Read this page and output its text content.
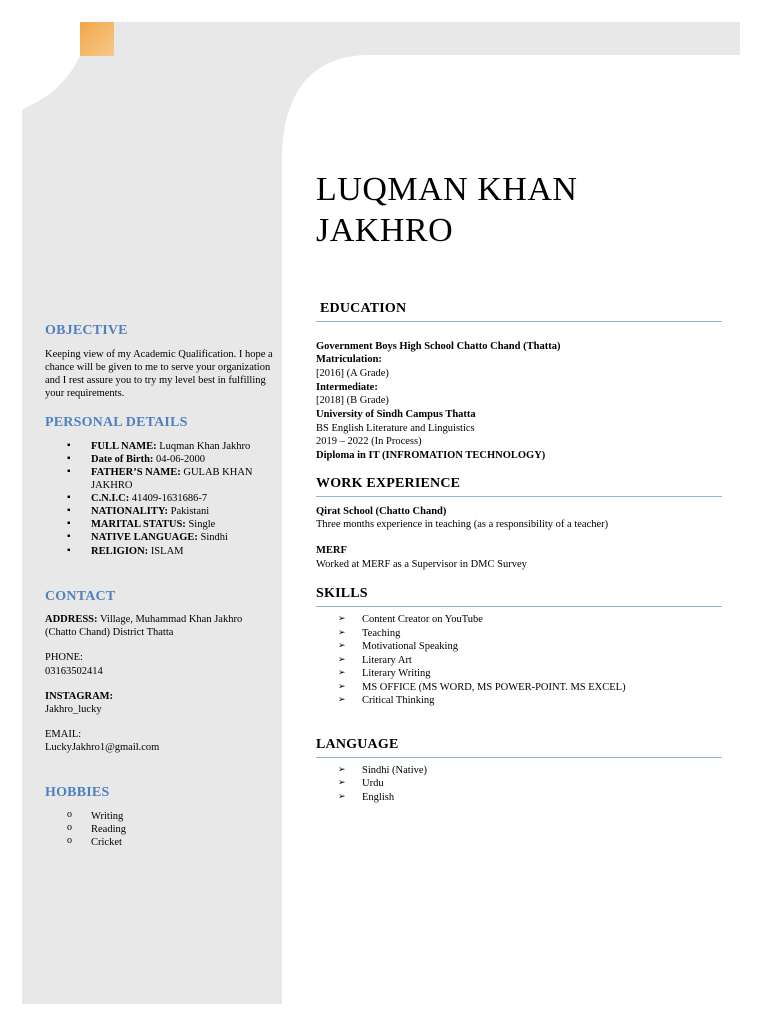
OBJECTIVE

Keeping view of my Academic Qualification. I hope a chance will be given to me to serve your organization and I rest assure you to try my level best in fulfilling your requirements.

PERSONAL DETAILS
▪ FULL NAME: Luqman Khan Jakhro
▪ Date of Birth: 04-06-2000
▪ FATHER’S NAME: GULAB KHAN JAKHRO
▪ C.N.I.C: 41409-1631686-7
▪ NATIONALITY: Pakistani
▪ MARITAL STATUS: Single
▪ NATIVE LANGUAGE: Sindhi
▪ RELIGION: ISLAM
CONTACT

ADDRESS: Village, Muhammad Khan Jakhro (Chatto Chand) District Thatta

PHONE:

03163502414

INSTAGRAM:

Jakhro_lucky

EMAIL:

LuckyJakhro1@gmail.com

HOBBIES
o Writing
o Reading
o Cricket
LUQMAN KHAN
JAKHRO
EDUCATION

Government Boys High School Chatto Chand (Thatta)

Matriculation:

[2016] (A Grade)

Intermediate:

[2018] (B Grade)

University of Sindh Campus Thatta

BS English Literature and Linguistics

2019 – 2022 (In Process)

Diploma in IT (INFROMATION TECHNOLOGY)

WORK EXPERIENCE

Qirat School (Chatto Chand)

Three months experience in teaching (as a responsibility of a teacher)

MERF

Worked at MERF as a Supervisor in DMC Survey

SKILLS
➢ Content Creator on YouTube
➢ Teaching
➢ Motivational Speaking
➢ Literary Art
➢ Literary Writing
➢ MS OFFICE (MS WORD, MS POWER-POINT. MS EXCEL)
➢ Critical Thinking
LANGUAGE
➢ Sindhi (Native)
➢ Urdu
➢ English
